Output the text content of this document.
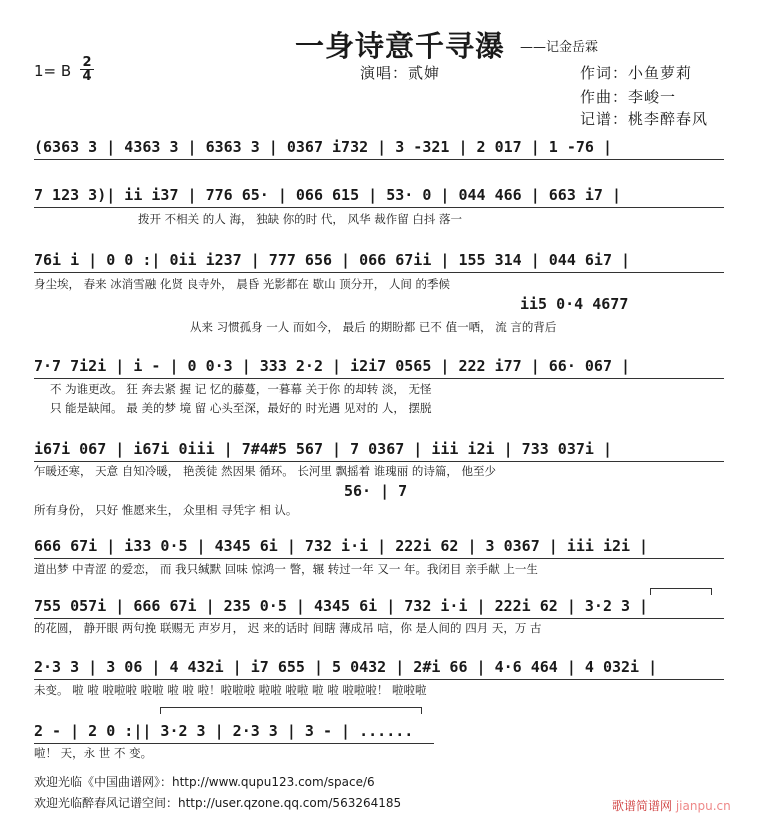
一身诗意千寻瀑 ——记金岳霖
1= B 2
4	演唱：贰婶	作词：小鱼萝莉
作曲：李峻一
记谱：桃李醉春风
(6363 3 | 4363 3 | 6363 3 | 0367 i732 | 3 -321 | 2 017 | 1 -76 |
7 123 3)| ii i37 | 776 65· | 066 615 | 53· 0 | 044 466 | 663 i7 |
拨开 不相关 的人 海， 独缺 你的时 代， 风华 裁作留 白抖 落一
76i i | 0 0 :| 0ii i237 | 777 656 | 066 67ii | 155 314 | 044 6i7 |
身尘埃， 春来 冰消雪融 化贤 良寺外， 晨昏 光影都在 歇山 顶分开， 人间 的季候
ii5 0·4 4677
从来 习惯孤身 一人 而如今， 最后 的期盼都 已不 值一哂， 流 言的背后
7·7 7i2i | i - | 0 0·3 | 333 2·2 | i2i7 0565 | 222 i77 | 66· 067 |
不 为谁更改。 狂 奔去紧 握 记 忆的藤蔓，一暮幕 关于你 的却转 淡， 无怪
只 能是缺闻。 最 美的梦 境 留 心头至深，最好的 时光遇 见对的 人， 摆脱
i67i 067 | i67i 0iii | 7#4#5 567 | 7 0367 | iii i2i | 733 037i |
乍暖还寒， 天意 自知冷暖， 艳羡徒 然因果 循环。 长河里 飘摇着 谁瑰丽 的诗篇， 他至少
56· | 7
所有身份， 只好 惟愿来生， 众里相 寻凭字 相 认。
666 67i | i33 0·5 | 4345 6i | 732 i·i | 222i 62 | 3 0367 | iii i2i |
道出梦 中青涩 的爱恋， 而 我只缄默 回味 惊鸿一 瞥，辗 转过一年 又一 年。我闭目 亲手献 上一生
755 057i | 666 67i | 235 0·5 | 4345 6i | 732 i·i | 222i 62 | 3·2 3 |
的花圆， 静开眼 两句挽 联赐无 声岁月， 迟 来的话时 间瞎 薄成吊 唁，你 是人间的 四月 天，万 古
2·3 3 | 3 06 | 4 432i | i7 655 | 5 0432 | 2#i 66 | 4·6 464 | 4 032i |
未变。 啦 啦 啦啦啦 啦啦 啦 啦 啦！啦啦啦 啦啦 啦啦 啦 啦 啦啦啦！ 啦啦啦
2 - | 2 0 :|| 3·2 3 | 2·3 3 | 3 - | ......
啦！ 天，永 世 不 变。
欢迎光临《中国曲谱网》：http://www.qupu123.com/space/6
欢迎光临醉春风记谱空间：http://user.qzone.qq.com/563264185	歌谱简谱网 jianpu.cn
